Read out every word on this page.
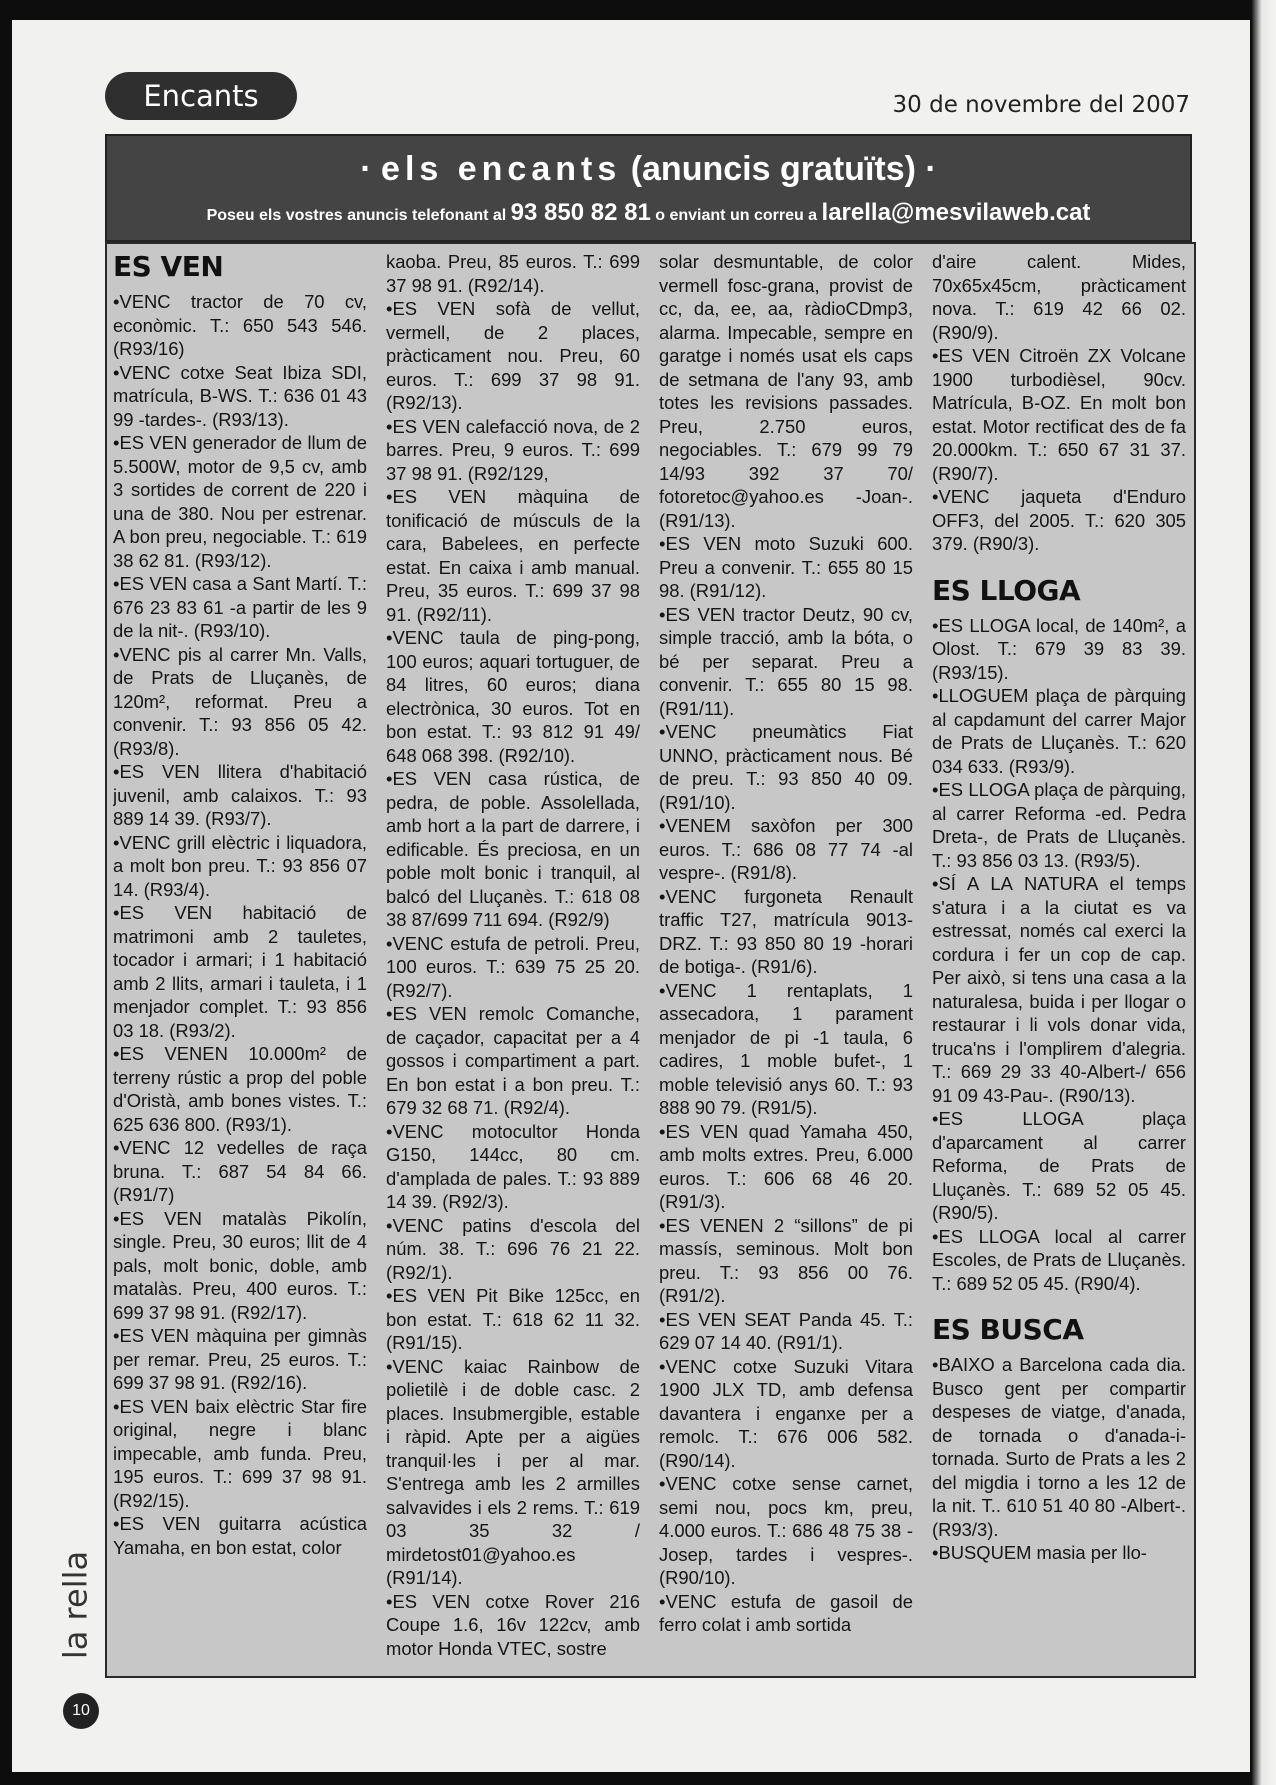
Encants	30 de novembre del 2007
· els encants (anuncis gratuïts) ·
Poseu els vostres anuncis telefonant al 93 850 82 81 o enviant un correu a larella@mesvilaweb.cat
ES VEN

• VENC tractor de 70 cv, econòmic. T.: 650 543 546. (R93/16)

• VENC cotxe Seat Ibiza SDI, matrícula, B-WS. T.: 636 01 43 99 -tardes-. (R93/13).

• ES VEN generador de llum de 5.500W, motor de 9,5 cv, amb 3 sortides de corrent de 220 i una de 380. Nou per estrenar. A bon preu, negociable. T.: 619 38 62 81. (R93/12).

• ES VEN casa a Sant Martí. T.: 676 23 83 61 -a partir de les 9 de la nit-. (R93/10).

• VENC pis al carrer Mn. Valls, de Prats de Lluçanès, de 120m², reformat. Preu a convenir. T.: 93 856 05 42. (R93/8).

• ES VEN llitera d'habitació juvenil, amb calaixos. T.: 93 889 14 39. (R93/7).

• VENC grill elèctric i liquadora, a molt bon preu. T.: 93 856 07 14. (R93/4).

• ES VEN habitació de matrimoni amb 2 tauletes, tocador i armari; i 1 habitació amb 2 llits, armari i tauleta, i 1 menjador complet. T.: 93 856 03 18. (R93/2).

• ES VENEN 10.000m² de terreny rústic a prop del poble d'Oristà, amb bones vistes. T.: 625 636 800. (R93/1).

• VENC 12 vedelles de raça bruna. T.: 687 54 84 66. (R91/7)

• ES VEN matalàs Pikolín, single. Preu, 30 euros; llit de 4 pals, molt bonic, doble, amb matalàs. Preu, 400 euros. T.: 699 37 98 91. (R92/17).

• ES VEN màquina per gimnàs per remar. Preu, 25 euros. T.: 699 37 98 91. (R92/16).

• ES VEN baix elèctric Star fire original, negre i blanc impecable, amb funda. Preu, 195 euros. T.: 699 37 98 91. (R92/15).

• ES VEN guitarra acústica Yamaha, en bon estat, color

kaoba. Preu, 85 euros. T.: 699 37 98 91. (R92/14).

• ES VEN sofà de vellut, vermell, de 2 places, pràcticament nou. Preu, 60 euros. T.: 699 37 98 91. (R92/13).

• ES VEN calefacció nova, de 2 barres. Preu, 9 euros. T.: 699 37 98 91. (R92/129,

• ES VEN màquina de tonificació de músculs de la cara, Babelees, en perfecte estat. En caixa i amb manual. Preu, 35 euros. T.: 699 37 98 91. (R92/11).

• VENC taula de ping-pong, 100 euros; aquari tortuguer, de 84 litres, 60 euros; diana electrònica, 30 euros. Tot en bon estat. T.: 93 812 91 49/ 648 068 398. (R92/10).

• ES VEN casa rústica, de pedra, de poble. Assolellada, amb hort a la part de darrere, i edificable. És preciosa, en un poble molt bonic i tranquil, al balcó del Lluçanès. T.: 618 08 38 87/699 711 694. (R92/9)

• VENC estufa de petroli. Preu, 100 euros. T.: 639 75 25 20. (R92/7).

• ES VEN remolc Comanche, de caçador, capacitat per a 4 gossos i compartiment a part. En bon estat i a bon preu. T.: 679 32 68 71. (R92/4).

• VENC motocultor Honda G150, 144cc, 80 cm. d'amplada de pales. T.: 93 889 14 39. (R92/3).

• VENC patins d'escola del núm. 38. T.: 696 76 21 22. (R92/1).

• ES VEN Pit Bike 125cc, en bon estat. T.: 618 62 11 32. (R91/15).

• VENC kaiac Rainbow de polietilè i de doble casc. 2 places. Insubmergible, estable i ràpid. Apte per a aigües tranquil·les i per al mar. S'entrega amb les 2 armilles salvavides i els 2 rems. T.: 619 03 35 32 / mirdetost01@yahoo.es (R91/14).

• ES VEN cotxe Rover 216 Coupe 1.6, 16v 122cv, amb motor Honda VTEC, sostre

solar desmuntable, de color vermell fosc-grana, provist de cc, da, ee, aa, ràdioCDmp3, alarma. Impecable, sempre en garatge i només usat els caps de setmana de l'any 93, amb totes les revisions passades. Preu, 2.750 euros, negociables. T.: 679 99 79 14/93 392 37 70/ fotoretoc@yahoo.es -Joan-. (R91/13).

• ES VEN moto Suzuki 600. Preu a convenir. T.: 655 80 15 98. (R91/12).

• ES VEN tractor Deutz, 90 cv, simple tracció, amb la bóta, o bé per separat. Preu a convenir. T.: 655 80 15 98. (R91/11).

• VENC pneumàtics Fiat UNNO, pràcticament nous. Bé de preu. T.: 93 850 40 09. (R91/10).

• VENEM saxòfon per 300 euros. T.: 686 08 77 74 -al vespre-. (R91/8).

• VENC furgoneta Renault traffic T27, matrícula 9013-DRZ. T.: 93 850 80 19 -horari de botiga-. (R91/6).

• VENC 1 rentaplats, 1 assecadora, 1 parament menjador de pi -1 taula, 6 cadires, 1 moble bufet-, 1 moble televisió anys 60. T.: 93 888 90 79. (R91/5).

• ES VEN quad Yamaha 450, amb molts extres. Preu, 6.000 euros. T.: 606 68 46 20. (R91/3).

• ES VENEN 2 “sillons” de pi massís, seminous. Molt bon preu. T.: 93 856 00 76. (R91/2).

• ES VEN SEAT Panda 45. T.: 629 07 14 40. (R91/1).

• VENC cotxe Suzuki Vitara 1900 JLX TD, amb defensa davantera i enganxe per a remolc. T.: 676 006 582. (R90/14).

• VENC cotxe sense carnet, semi nou, pocs km, preu, 4.000 euros. T.: 686 48 75 38 -Josep, tardes i vespres-. (R90/10).

• VENC estufa de gasoil de ferro colat i amb sortida

d'aire calent. Mides, 70x65x45cm, pràcticament nova. T.: 619 42 66 02. (R90/9).

• ES VEN Citroën ZX Volcane 1900 turbodièsel, 90cv. Matrícula, B-OZ. En molt bon estat. Motor rectificat des de fa 20.000km. T.: 650 67 31 37. (R90/7).

• VENC jaqueta d'Enduro OFF3, del 2005. T.: 620 305 379. (R90/3).

ES LLOGA

• ES LLOGA local, de 140m², a Olost. T.: 679 39 83 39. (R93/15).

• LLOGUEM plaça de pàrquing al capdamunt del carrer Major de Prats de Lluçanès. T.: 620 034 633. (R93/9).

• ES LLOGA plaça de pàrquing, al carrer Reforma -ed. Pedra Dreta-, de Prats de Lluçanès. T.: 93 856 03 13. (R93/5).

• SÍ A LA NATURA el temps s'atura i a la ciutat es va estressat, només cal exerci la cordura i fer un cop de cap. Per això, si tens una casa a la naturalesa, buida i per llogar o restaurar i li vols donar vida, truca'ns i l'omplirem d'alegria. T.: 669 29 33 40-Albert-/ 656 91 09 43-Pau-. (R90/13).

• ES LLOGA plaça d'aparcament al carrer Reforma, de Prats de Lluçanès. T.: 689 52 05 45. (R90/5).

• ES LLOGA local al carrer Escoles, de Prats de Lluçanès. T.: 689 52 05 45. (R90/4).

ES BUSCA

• BAIXO a Barcelona cada dia. Busco gent per compartir despeses de viatge, d'anada, de tornada o d'anada-i-tornada. Surto de Prats a les 2 del migdia i torno a les 12 de la nit. T.. 610 51 40 80 -Albert-. (R93/3).

• BUSQUEM masia per llo-

la rella
10
